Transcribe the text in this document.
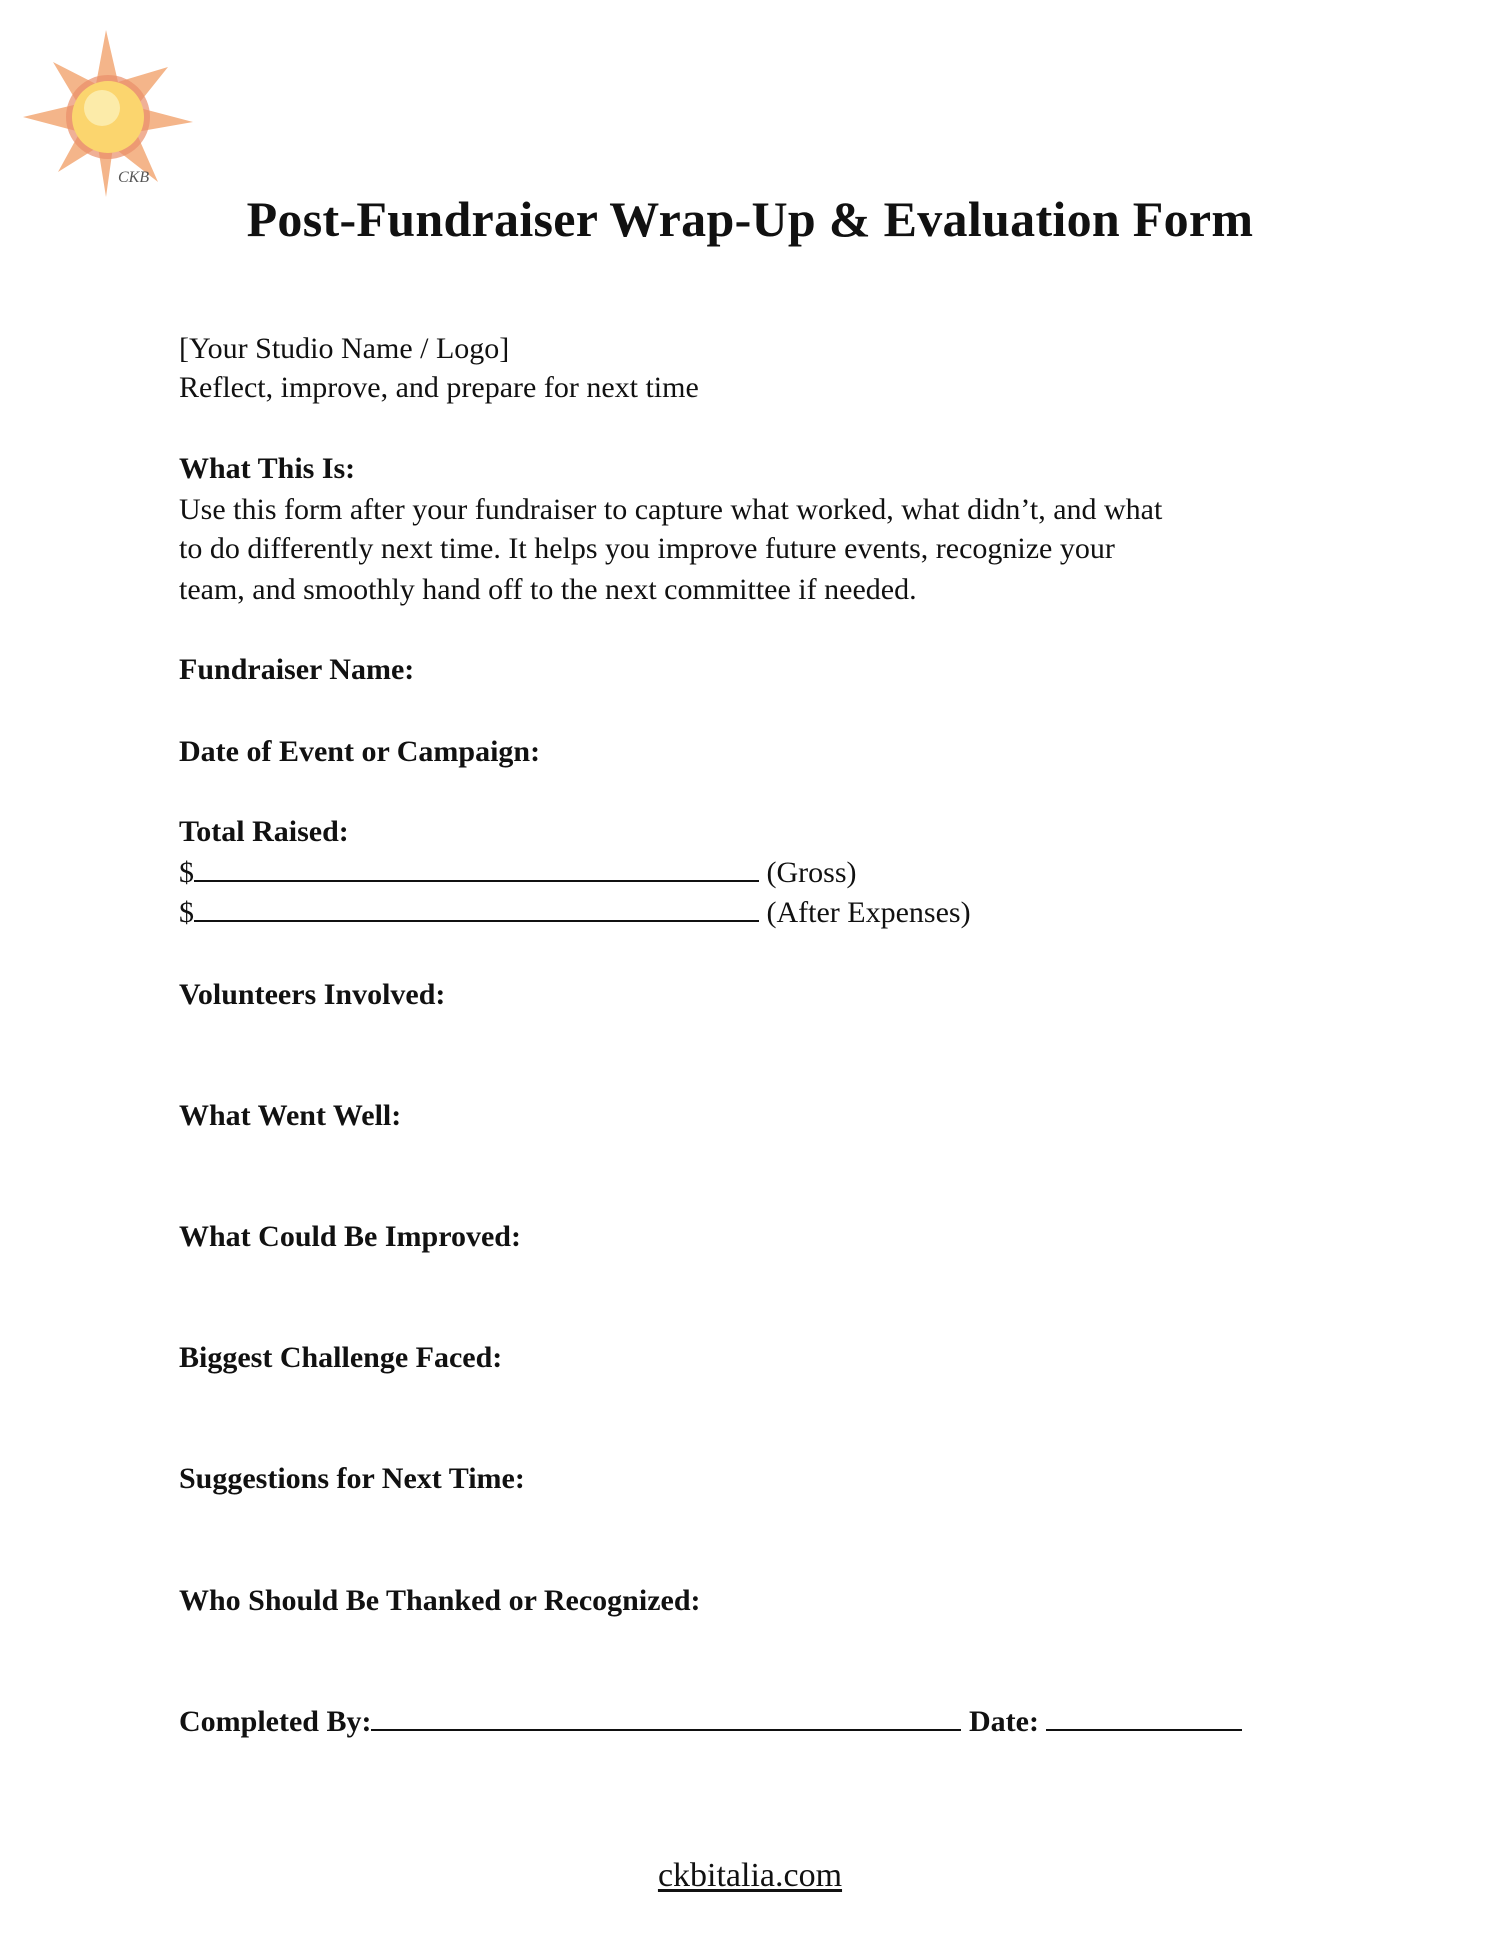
CKB
Post-Fundraiser Wrap-Up & Evaluation Form
[Your Studio Name / Logo]
Reflect, improve, and prepare for next time
What This Is:
Use this form after your fundraiser to capture what worked, what didn’t, and what
to do differently next time. It helps you improve future events, recognize your
team, and smoothly hand off to the next committee if needed.
Fundraiser Name:
Date of Event or Campaign:
Total Raised:
$	(Gross)
$	(After Expenses)
Volunteers Involved:
What Went Well:
What Could Be Improved:
Biggest Challenge Faced:
Suggestions for Next Time:
Who Should Be Thanked or Recognized:
Completed By:	Date:
ckbitalia.com
